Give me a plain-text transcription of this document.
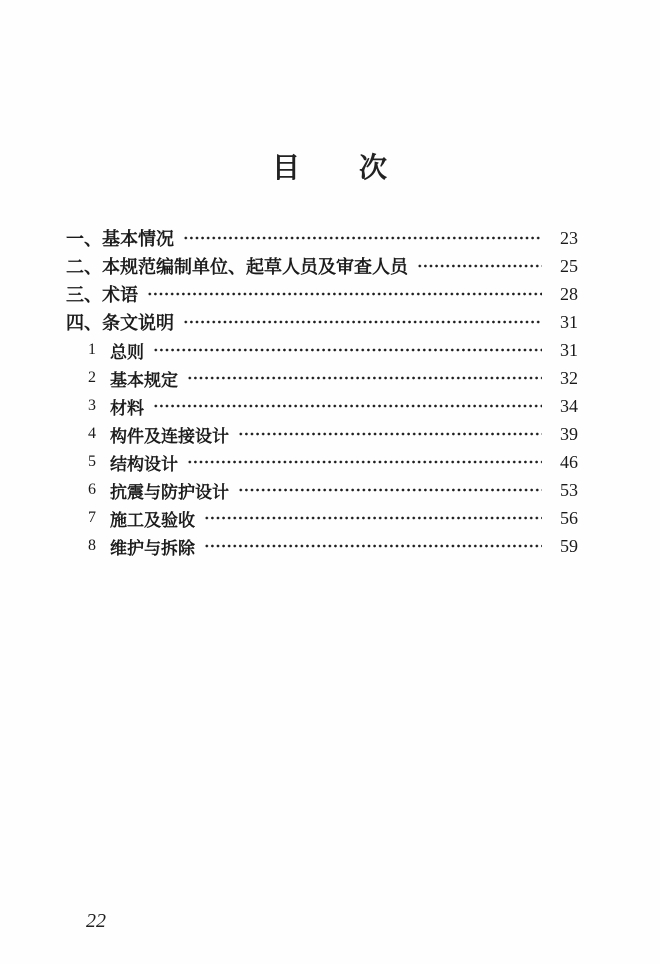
目　　次
一、 基本情况	23
二、 本规范编制单位、起草人员及审查人员	25
三、 术语	28
四、 条文说明	31
1 总则	31
2 基本规定	32
3 材料	34
4 构件及连接设计	39
5 结构设计	46
6 抗震与防护设计	53
7 施工及验收	56
8 维护与拆除	59
22
